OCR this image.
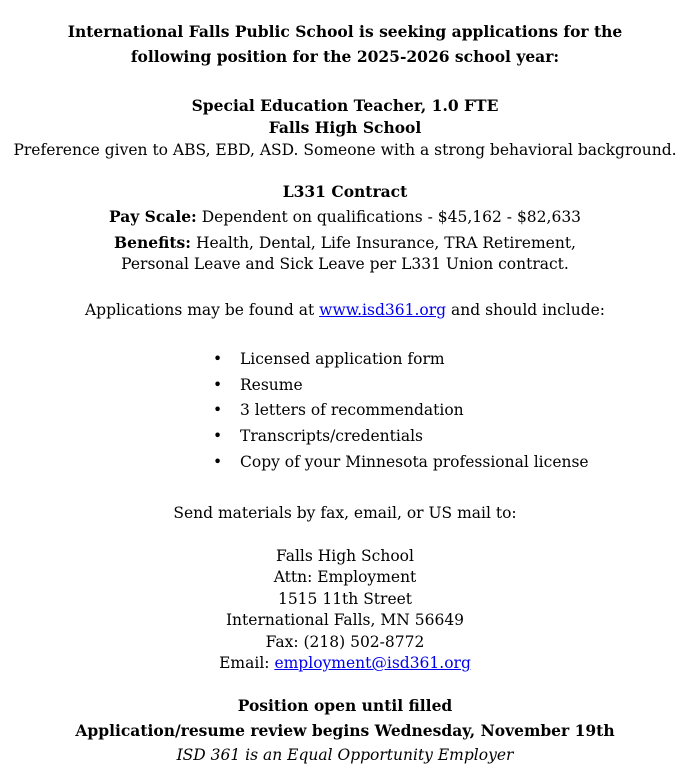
International Falls Public School is seeking applications for the
following position for the 2025-2026 school year:
Special Education Teacher, 1.0 FTE
Falls High School
Preference given to ABS, EBD, ASD. Someone with a strong behavioral background.
L331 Contract
Pay Scale: Dependent on qualifications - $45,162 - $82,633
Benefits: Health, Dental, Life Insurance, TRA Retirement,
Personal Leave and Sick Leave per L331 Union contract.
Applications may be found at www.isd361.org and should include:
• Licensed application form
• Resume
• 3 letters of recommendation
• Transcripts/credentials
• Copy of your Minnesota professional license
Send materials by fax, email, or US mail to:
Falls High School
Attn: Employment
1515 11th Street
International Falls, MN 56649
Fax: (218) 502-8772
Email: employment@isd361.org
Position open until filled
Application/resume review begins Wednesday, November 19th
ISD 361 is an Equal Opportunity Employer
